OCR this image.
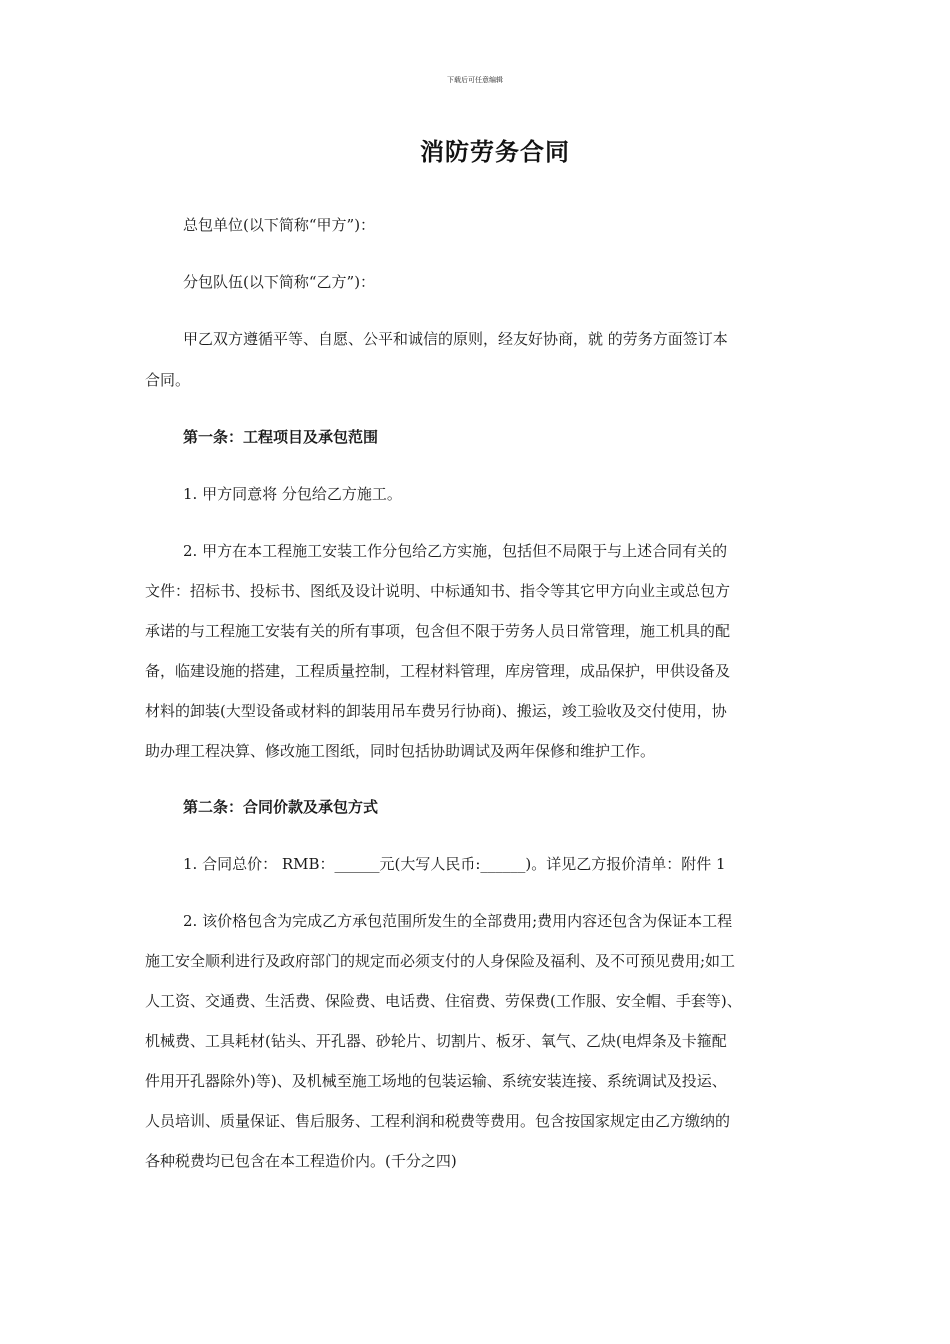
下载后可任意编辑
消防劳务合同
总包单位(以下简称“甲方”)：
分包队伍(以下简称“乙方”)：
甲乙双方遵循平等、自愿、公平和诚信的原则，经友好协商，就 的劳务方面签订本
合同。
第一条：工程项目及承包范围
1. 甲方同意将 分包给乙方施工。
2. 甲方在本工程施工安装工作分包给乙方实施，包括但不局限于与上述合同有关的
文件：招标书、投标书、图纸及设计说明、中标通知书、指令等其它甲方向业主或总包方
承诺的与工程施工安装有关的所有事项，包含但不限于劳务人员日常管理，施工机具的配
备，临建设施的搭建，工程质量控制，工程材料管理，库房管理，成品保护，甲供设备及
材料的卸装(大型设备或材料的卸装用吊车费另行协商)、搬运，竣工验收及交付使用，协
助办理工程决算、修改施工图纸，同时包括协助调试及两年保修和维护工作。
第二条：合同价款及承包方式
1. 合同总价： RMB：______元(大写人民币:______)。详见乙方报价清单：附件 1
2. 该价格包含为完成乙方承包范围所发生的全部费用;费用内容还包含为保证本工程
施工安全顺利进行及政府部门的规定而必须支付的人身保险及福利、及不可预见费用;如工
人工资、交通费、生活费、保险费、电话费、住宿费、劳保费(工作服、安全帽、手套等)、
机械费、工具耗材(钻头、开孔器、砂轮片、切割片、板牙、氧气、乙炔(电焊条及卡箍配
件用开孔器除外)等)、及机械至施工场地的包装运输、系统安装连接、系统调试及投运、
人员培训、质量保证、售后服务、工程利润和税费等费用。包含按国家规定由乙方缴纳的
各种税费均已包含在本工程造价内。(千分之四)
